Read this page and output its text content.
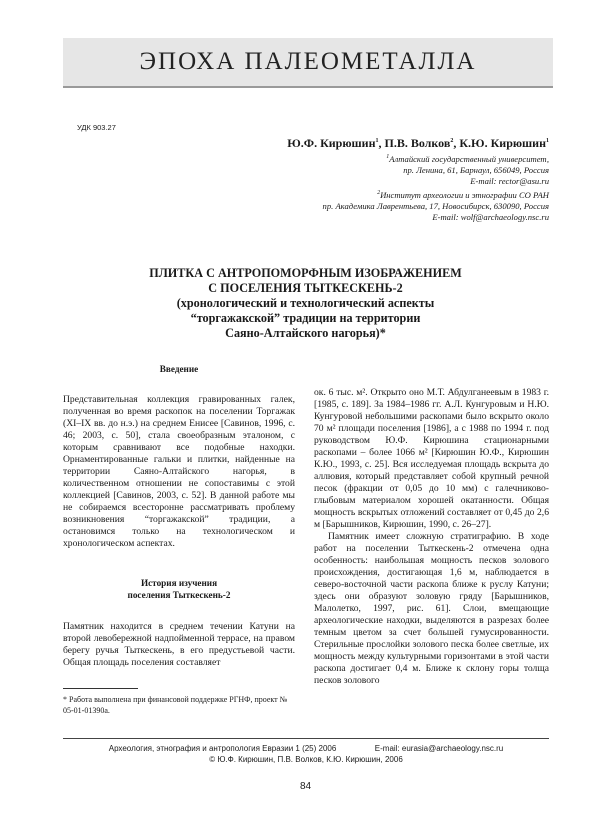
ЭПОХА ПАЛЕОМЕТАЛЛА
УДК 903.27
Ю.Ф. Кирюшин$^1$, П.В. Волков$^2$, К.Ю. Кирюшин$^1$
$^1$Алтайский государственный университет,
пр. Ленина, 61, Барнаул, 656049, Россия
E-mail: rector@asu.ru
$^2$Институт археологии и этнографии СО РАН
пр. Академика Лаврентьева, 17, Новосибирск, 630090, Россия
E-mail: wolf@archaeology.nsc.ru
ПЛИТКА С АНТРОПОМОРФНЫМ ИЗОБРАЖЕНИЕМ
С ПОСЕЛЕНИЯ ТЫТКЕСКЕНЬ-2
(хронологический и технологический аспекты
“торгажакской” традиции на территории
Саяно-Алтайского нагорья)*
Введение

Представительная коллекция гравированных галек, полученная во время раскопок на поселении Торгажак (XI–IX вв. до н.э.) на среднем Енисее [Савинов, 1996, с. 46; 2003, с. 50], стала своеобразным эталоном, с которым сравнивают все подобные находки. Орнаментированные гальки и плитки, найденные на территории Саяно-Алтайского нагорья, в количественном отношении не сопоставимы с этой коллекцией [Савинов, 2003, с. 52]. В данной работе мы не собираемся всесторонне рассматривать проблему возникновения “торгажакской” традиции, а остановимся только на технологическом и хронологическом аспектах.

История изучения
поселения Тыткескень-2

Памятник находится в среднем течении Катуни на второй левобережной надпойменной террасе, на правом берегу ручья Тыткескень, в его предустьевой части. Общая площадь поселения составляет

* Работа выполнена при финансовой поддержке РГНФ, проект № 05-01-01390а.

ок. 6 тыс. м². Открыто оно М.Т. Абдулганеевым в 1983 г. [1985, с. 189]. За 1984–1986 гг. А.Л. Кунгуровым и Н.Ю. Кунгуровой небольшими раскопами было вскрыто около 70 м² площади поселения [1986], а с 1988 по 1994 г. под руководством Ю.Ф. Кирюшина стационарными раскопами – более 1066 м² [Кирюшин Ю.Ф., Кирюшин К.Ю., 1993, с. 25]. Вся исследуемая площадь вскрыта до аллювия, который представляет собой крупный речной песок (фракции от 0,05 до 10 мм) с галечниково-глыбовым материалом хорошей окатанности. Общая мощность вскрытых отложений составляет от 0,45 до 2,6 м [Барышников, Кирюшин, 1990, с. 26–27].

Памятник имеет сложную стратиграфию. В ходе работ на поселении Тыткескень-2 отмечена одна особенность: наибольшая мощность песков золового происхождения, достигающая 1,6 м, наблюдается в северо-восточной части раскопа ближе к руслу Катуни; здесь они образуют золовую гряду [Барышников, Малолетко, 1997, рис. 61]. Слои, вмещающие археологические находки, выделяются в разрезах более темным цветом за счет большей гумусированности. Стерильные прослойки золового песка более светлые, их мощность между культурными горизонтами в этой части раскопа достигает 0,4 м. Ближе к склону горы толща песков золового

Археология, этнография и антропология Евразии 1 (25) 2006	E-mail: eurasia@archaeology.nsc.ru
© Ю.Ф. Кирюшин, П.В. Волков, К.Ю. Кирюшин, 2006
84
